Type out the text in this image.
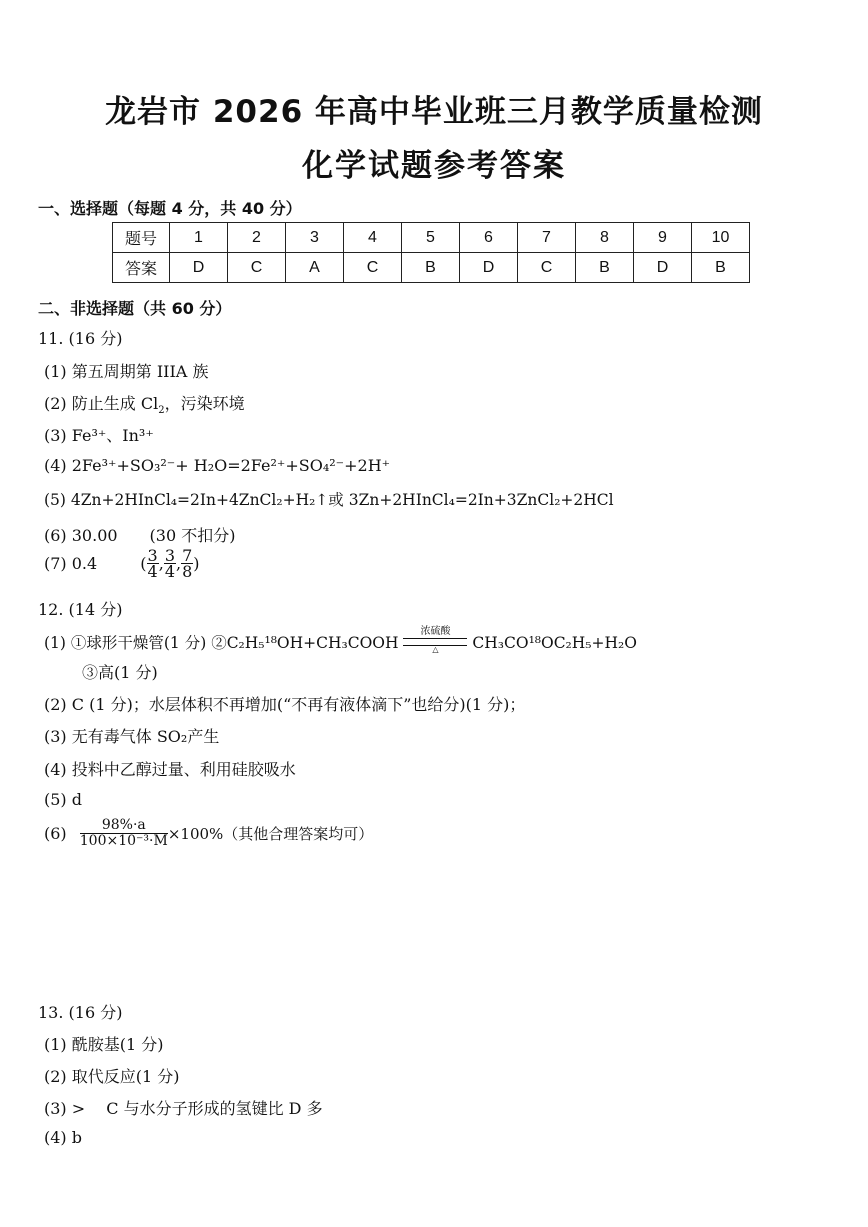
龙岩市 2026 年高中毕业班三月教学质量检测
化学试题参考答案
一、选择题（每题 4 分，共 40 分）
题号	1	2	3	4	5	6	7	8	9	10
答案	D	C	A	C	B	D	C	B	D	B
二、非选择题（共 60 分）
11. (16 分)
(1) 第五周期第 IIIA 族
(2) 防止生成 $Cl_2$，污染环境
(3) Fe³⁺、In³⁺
(4) 2Fe³⁺+SO₃²⁻+ H₂O=2Fe²⁺+SO₄²⁻+2H⁺
(5) 4Zn+2HInCl₄=2In+4ZnCl₂+H₂↑或 3Zn+2HInCl₄=2In+3ZnCl₂+2HCl
(6) 30.00　　(30 不扣分)
(7) 0.4	( $\frac{3}{4}$ , $\frac{3}{4}$ , $\frac{7}{8}$ )
12. (14 分)
(1) ①球形干燥管(1 分) ②C₂H₅¹⁸OH+CH₃COOH 浓硫酸
△	CH₃CO¹⁸OC₂H₅+H₂O
③高(1 分)
(2) C (1 分)；水层体积不再增加(“不再有液体滴下”也给分)(1 分)；
(3) 无有毒气体 SO₂产生
(4) 投料中乙醇过量、利用硅胶吸水
(5) d
$(6) \frac{98\%\cdot a}{\text{100×10⁻³·M}} \times 100\%$（其他合理答案均可）
13. (16 分)
(1) 酰胺基(1 分)
(2) 取代反应(1 分)
(3) >　 C 与水分子形成的氢键比 D 多
(4) b
